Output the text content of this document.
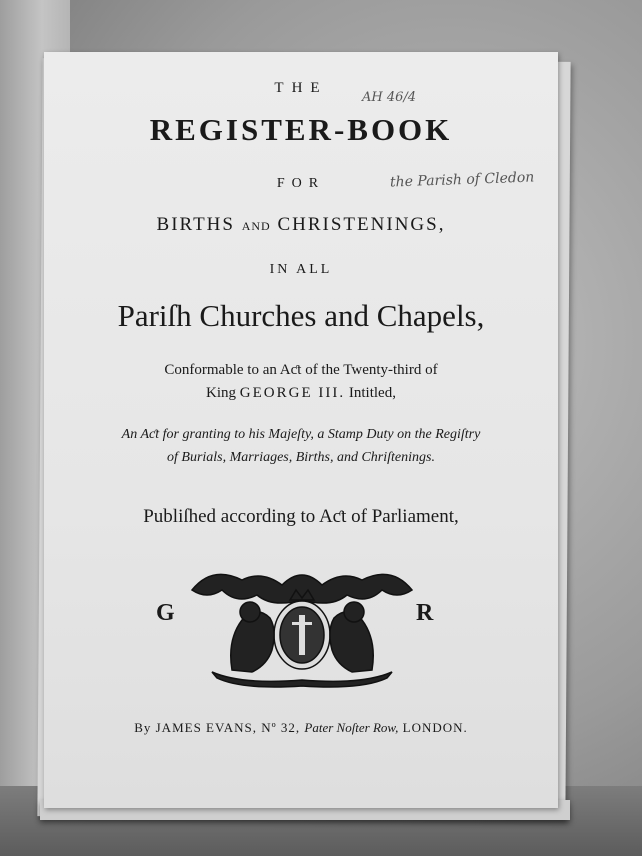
THE
REGISTER-BOOK
FOR
BIRTHS AND CHRISTENINGS,
IN ALL
Pariſh Churches and Chapels,
Conformable to an Aƈt of the Twenty-third of
King GEORGE III. Intitled,
An Aƈt for granting to his Majeſty, a Stamp Duty on the Regiſtry
of Burials, Marriages, Births, and Chriſtenings.
Publiſhed according to Aƈt of Parliament,
G	R
By JAMES EVANS, Nº 32, Pater Noſter Row, LONDON.
AH 46/4
the Parish of Cledon
